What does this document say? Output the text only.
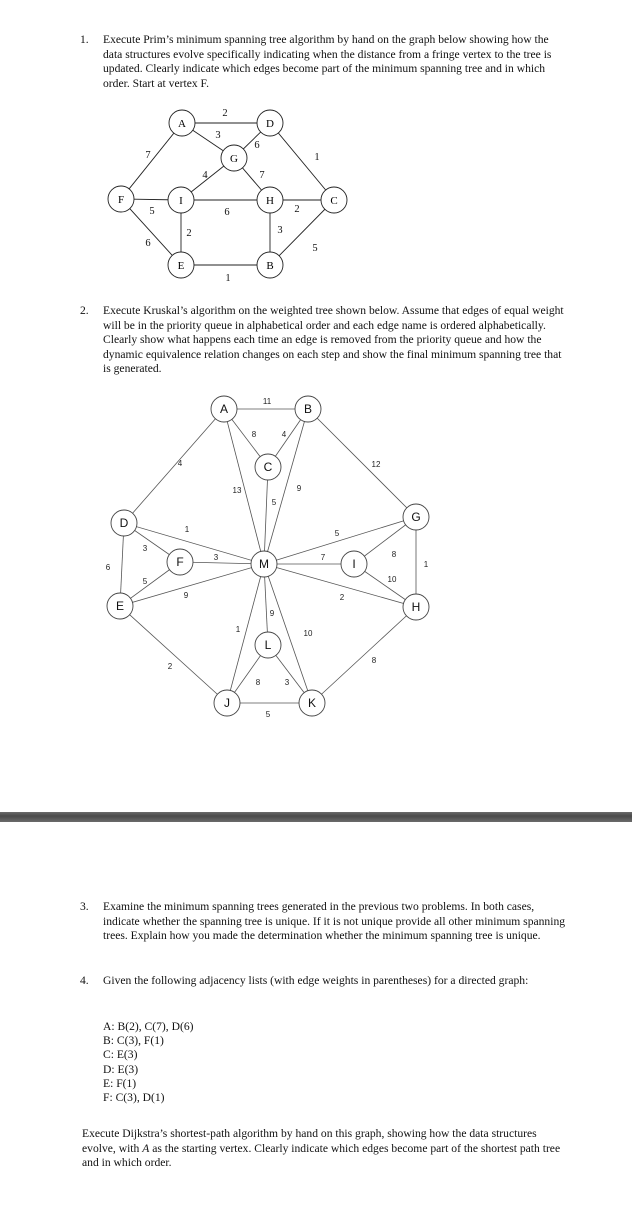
1. Execute Prim’s minimum spanning tree algorithm by hand on the graph below showing how the data structures evolve specifically indicating when the distance from a fringe vertex to the tree is updated. Clearly indicate which edges become part of the minimum spanning tree and in which order. Start at vertex F.
2
3
6
7
4	7
1
5	6	2
6
2	3
5
1
A	D
G
F	I	H	C
E	B
2. Execute Kruskal’s algorithm on the weighted tree shown below. Assume that edges of equal weight will be in the priority queue in alphabetical order and each edge name is ordered alphabetically. Clearly show what happens each time an edge is removed from the priority queue and how the dynamic equivalence relation changes on each step and show the final minimum spanning tree that is generated.
11
8	4
4	12
13
5
9
1	5
3
6
3	7	8
1
10
5
9	2
9
1	10
2
8
8	3
5
A	B
C
D	G
F	M	I
E	H
L
J	K
3. Examine the minimum spanning trees generated in the previous two problems. In both cases, indicate whether the spanning tree is unique. If it is not unique provide all other minimum spanning trees. Explain how you made the determination whether the minimum spanning tree is unique.
4. Given the following adjacency lists (with edge weights in parentheses) for a directed graph:
A: B(2), C(7), D(6)
B: C(3), F(1)
C: E(3)
D: E(3)
E: F(1)
F: C(3), D(1)
Execute Dijkstra’s shortest-path algorithm by hand on this graph, showing how the data structures evolve, with A as the starting vertex. Clearly indicate which edges become part of the shortest path tree and in which order.
